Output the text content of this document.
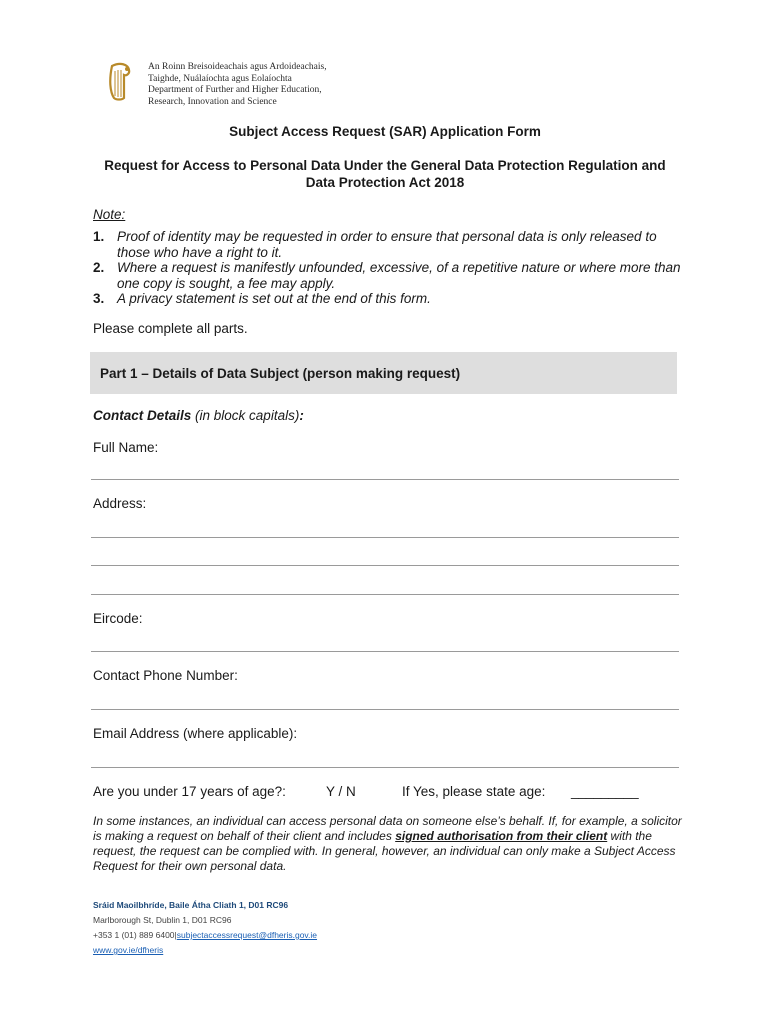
An Roinn Breisoideachais agus Ardoideachais,
Taighde, Nuálaíochta agus Eolaíochta
Department of Further and Higher Education,
Research, Innovation and Science
Subject Access Request (SAR) Application Form
Request for Access to Personal Data Under the General Data Protection Regulation and Data Protection Act 2018
Note:
1. Proof of identity may be requested in order to ensure that personal data is only released to those who have a right to it.
2. Where a request is manifestly unfounded, excessive, of a repetitive nature or where more than one copy is sought, a fee may apply.
3. A privacy statement is set out at the end of this form.
Please complete all parts.
Part 1 – Details of Data Subject (person making request)
Contact Details (in block capitals):
Full Name:
Address:
Eircode:
Contact Phone Number:
Email Address (where applicable):
Are you under 17 years of age?:	Y / N	If Yes, please state age: _________
In some instances, an individual can access personal data on someone else’s behalf. If, for example, a solicitor is making a request on behalf of their client and includes signed authorisation from their client with the request, the request can be complied with. In general, however, an individual can only make a Subject Access Request for their own personal data.
Sráid Maoilbhríde, Baile Átha Cliath 1, D01 RC96
Marlborough St, Dublin 1, D01 RC96
+353 1 (01) 889 6400|subjectaccessrequest@dfheris.gov.ie
www.gov.ie/dfheris
